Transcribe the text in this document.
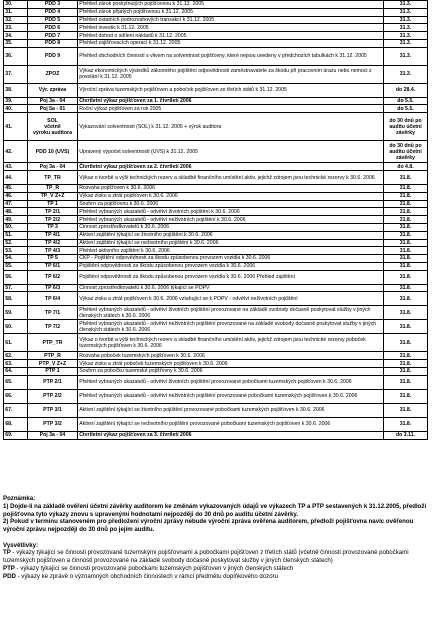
30.	PDD 3	Přehled záruk poskytnutých pojišťovnou k 31.12. 2005	31.3.
31.	PDD 4	Přehled záruk přijatých pojišťovnou k 31.12. 2005	31.3.
32.	PDD 5	Přehled ostatních podrozvahových transakcí k 31.12. 2005	31.3.
33.	PDD 6	Přehled investic k 31.12. 2005	31.3.
34.	PDD 7	Přehled dohod o sdílení nákladů k 31.12. 2005	31.3.
35.	PDD 8	Přehled zajišťovacích operací k 31.12. 2005	31.3.
36.	PDD 9	Přehled obchodních činností s vlivem na solventnost pojišťovny, které nejsou uvedeny v předchozích tabulkách k 31.12. 2005	31.3.
37.	ZPOZ	Výkaz ekonomických výsledků zákonného pojištění odpovědnosti zaměstnavatele za škodu při pracovním úrazu nebo nemoci z povolání k 31.12. 2005	31.3.
38.	Výr. zpráva	Výroční zpráva tuzemských pojišťoven a poboček pojišťoven ze třetích států k 31.12. 2005	do 28.4.
39.	Poj 3a - 04	Čtvrtletní výkaz pojišťoven za 1. čtvrtletí 2006	do 5.5.
40.	Poj 5a - 01	Roční výkaz pojišťoven za rok 2005	do 5.5.
41.	SOL
včetně
výroku auditora	Vykazování solventnosti (SOL) k 31.12. 2005 + výrok auditora	do 30 dnů po
auditu účetní
závěrky
42.	PDD 10 (UVS)	Upravený výpočet solventnosti (UVS) k 31.12. 2005	do 30 dnů po
auditu účetní
závěrky
43.	Poj 3a - 04	Čtvrtletní výkaz pojišťoven za 2. čtvrtletí 2006	do 4.8.
44.	TP_TR	Výkaz o tvorbě a výši technických rezerv a skladbě finančního umístění aktiv, jejichž zdrojem jsou technické rezervy k 30.6. 2006	31.8.
45.	TP_R	Rozvaha pojišťoven k 30.6. 2006	31.8.
46.	TP_V Z+Z	Výkaz zisku a ztrát pojišťoven k 30.6. 2006	31.8.
47.	TP 1	Souhrn za pojišťovnu k 30.6. 2006	31.8.
48.	TP 2/1	Přehled vybraných ukazatelů - odvětví životních pojištění k 30.6. 2006	31.8.
49.	TP 2/2	Přehled vybraných ukazatelů - odvětví neživotních pojištění k 30.6. 2006	31.8.
50.	TP 3	Činnost zprostředkovatelů k 30.6. 2006	31.8.
51.	TP 4/1	Aktivní zajištění týkající se životního pojištění k 30.6. 2006	31.8.
52.	TP 4/2	Aktivní zajištění týkající se neživotního pojištění k 30.6. 2006	31.8.
53.	TP 4/3	Přehled aktivního zajištění k 30.6. 2006	31.8.
54.	TP 5	ČKP - Pojištění odpovědnosti za škodu způsobenou provozem vozidla k 30.6. 2006	31.8.
55.	TP 6/1	Pojištění odpovědnosti za škodu způsobenou provozem vozidla k 30.6. 2006	31.8.
56.	TP 6/2	Pojištění odpovědnosti za škodu způsobenou provozem vozidla k 30.6. 2006 Přehled zajištění	31.8.
57.	TP 6/3	Činnost zprostředkovatelů k 30.6. 2006 týkající se POPV	31.8.
58.	TP 6/4	Výkaz zisku a ztrát pojišťoven k 30.6. 2006 vztahující se k POPV - odvětví neživotních pojištění	31.8.
59.	TP 7/1	Přehled vybraných ukazatelů - odvětví životních pojištění provozované na základě svobody dočasně poskytovat služby v jiných členských státech k 30.6. 2006	31.8.
60.	TP 7/2	Přehled vybraných ukazatelů - odvětví neživotních pojištění provozované na základě svobody dočasně poskytovat služby v jiných členských státech k 30.6. 2006	31.8.
61.	PTP_TR	Výkaz o tvorbě a výši technických rezerv a skladbě finančního umístění aktiv, jejichž zdrojem jsou technické rezervy poboček tuzemských pojišťoven k 30.6. 2006	31.8.
62.	PTP_R	Rozvaha poboček tuzemských pojišťoven k 30.6. 2006	31.8.
63.	PTP_V Z+Z	Výkaz zisku a ztrát poboček tuzemských pojišťoven k 30.6. 2006	31.8.
64.	PTP 1	Souhrn za pobočku tuzemské pojišťovny k 30.6. 2006	31.8.
65.	PTP 2/1	Přehled vybraných ukazatelů - odvětví životních pojištění provozované pobočkami tuzemských pojišťoven k 30.6. 2006	31.8.
66.	PTP 2/2	Přehled vybraných ukazatelů - odvětví neživotních pojištění provozované pobočkami tuzemských pojišťoven k 30.6. 2006	31.8.
67.	PTP 3/1	Aktivní zajištění týkající se životního pojištění provozované pobočkami tuzemských pojišťoven k 30.6. 2006	31.8.
68.	PTP 3/2	Aktivní zajištění týkající se neživotního pojištění provozované pobočkami tuzemských pojišťoven k 30.6. 2006	31.8.
69.	Poj 3a - 04	Čtvrtletní výkaz pojišťoven za 3. čtvrtletí 2006	do 3.11.

Poznámka:

1) Dojde-li na základě ověření účetní závěrky auditorem ke změnám vykazovaných údajů ve výkazech TP a PTP sestavených k 31.12.2005, předloží pojišťovna tyto výkazy znovu s upravenými hodnotami nejpozději do 30 dnů po auditu účetní závěrky.

2) Pokud v terminu stanoveném pro předložení výroční zprávy nebude výroční zpráva ověřena auditorem, předloží pojišťovna navíc ověřenou výroční zprávu nejpozději do 30 dnů po jejím auditu.

Vysvětlivky:

TP - výkazy týkající se činnosti provozované tuzemskými pojišťovnami a pobočkami pojišťoven z třetích států (včetně činnosti provozované pobočkami tuzemských pojišťoven a činnosti provozované na základě svobody dočasně poskytovat služby v jiných členských státech)

PTP - výkazy týkající se činnosti provozované pobočkami tuzemských pojišťoven v jiných členských státech

PDD - výkazy ke zprávě o významných obchodních činnostech v rámci předmětu doplňkového dozoru
